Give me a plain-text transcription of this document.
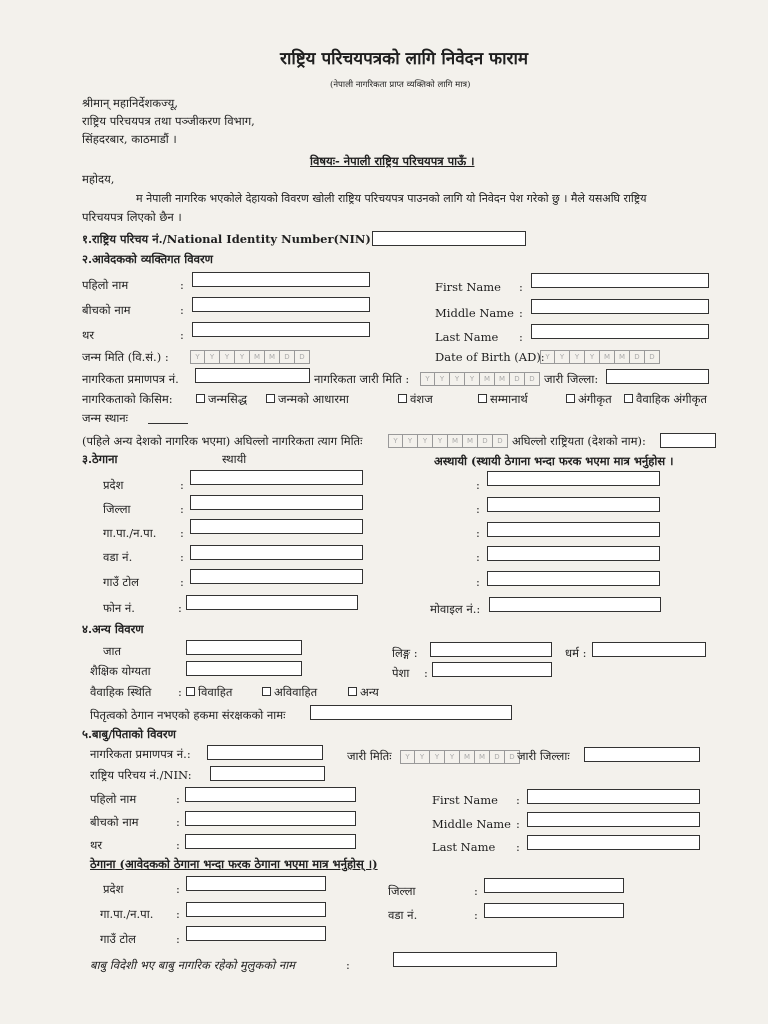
राष्ट्रिय परिचयपत्रको लागि निवेदन फाराम
(नेपाली नागरिकता प्राप्त व्यक्तिको लागि मात्र)
श्रीमान् महानिर्देशकज्यू,
राष्ट्रिय परिचयपत्र तथा पञ्जीकरण विभाग,
सिंहदरबार, काठमाडौं ।
विषयः- नेपाली राष्ट्रिय परिचयपत्र पाऊँ ।
महोदय,
म नेपाली नागरिक भएकोले देहायको विवरण खोली राष्ट्रिय परिचयपत्र पाउनको लागि यो निवेदन पेश गरेको छु । मैले यसअघि राष्ट्रिय
परिचयपत्र लिएको छैन ।
१.राष्ट्रिय परिचय नं./National Identity Number(NIN)
२.आवेदकको व्यक्तिगत विवरण
पहिलो नाम	:	First Name :
बीचको नाम	:	Middle Name :
थर	:	Last Name :
जन्म मिति (वि.सं.) :	Y	Y	Y	Y	M	M	D	D	Date of Birth (AD): Y	Y	Y	Y	M	M	D	D
नागरिकता प्रमाणपत्र नं.	नागरिकता जारी मिति :	Y	Y	Y	Y	M	M	D	D जारी जिल्ला:
नागरिकताको किसिम:	जन्मसिद्ध	जन्मको आधारमा	वंशज	सम्मानार्थ	अंगीकृत	वैवाहिक अंगीकृत
जन्म स्थानः
(पहिले अन्य देशको नागरिक भएमा) अघिल्लो नागरिकता त्याग मितिः	Y	Y	Y	Y	M	M	D	D अघिल्लो राष्ट्रियता (देशको नाम):
३.ठेगाना	स्थायी	अस्थायी (स्थायी ठेगाना भन्दा फरक भएमा मात्र भर्नुहोस ।
प्रदेश	:	:
जिल्ला	:	:
गा.पा./न.पा. :	:
वडा नं.	:	:
गाउँ टोल	:	:
फोन नं.	:	मोवाइल नं.:
४.अन्य विवरण
जात	लिङ्ग :	धर्म :
शैक्षिक योग्यता	पेशा :
वैवाहिक स्थिति :	विवाहित	अविवाहित	अन्य
पितृत्वको ठेगान नभएको हकमा संरक्षकको नामः
५.बाबु/पिताको विवरण
नागरिकता प्रमाणपत्र नं.:	जारी मितिः	Y	Y	Y	Y	M	M	D	D जारी जिल्लाः
राष्ट्रिय परिचय नं./NIN:
पहिलो नाम	:	First Name :
बीचको नाम	:	Middle Name :
थर	:	Last Name :
ठेगाना (आवेदकको ठेगाना भन्दा फरक ठेगाना भएमा मात्र भर्नुहोस् ।)
प्रदेश	:	जिल्ला	:
गा.पा./न.पा. :	वडा नं.	:
गाउँ टोल	:
बाबु विदेशी भए बाबु नागरिक रहेको मुलुकको नाम	:
